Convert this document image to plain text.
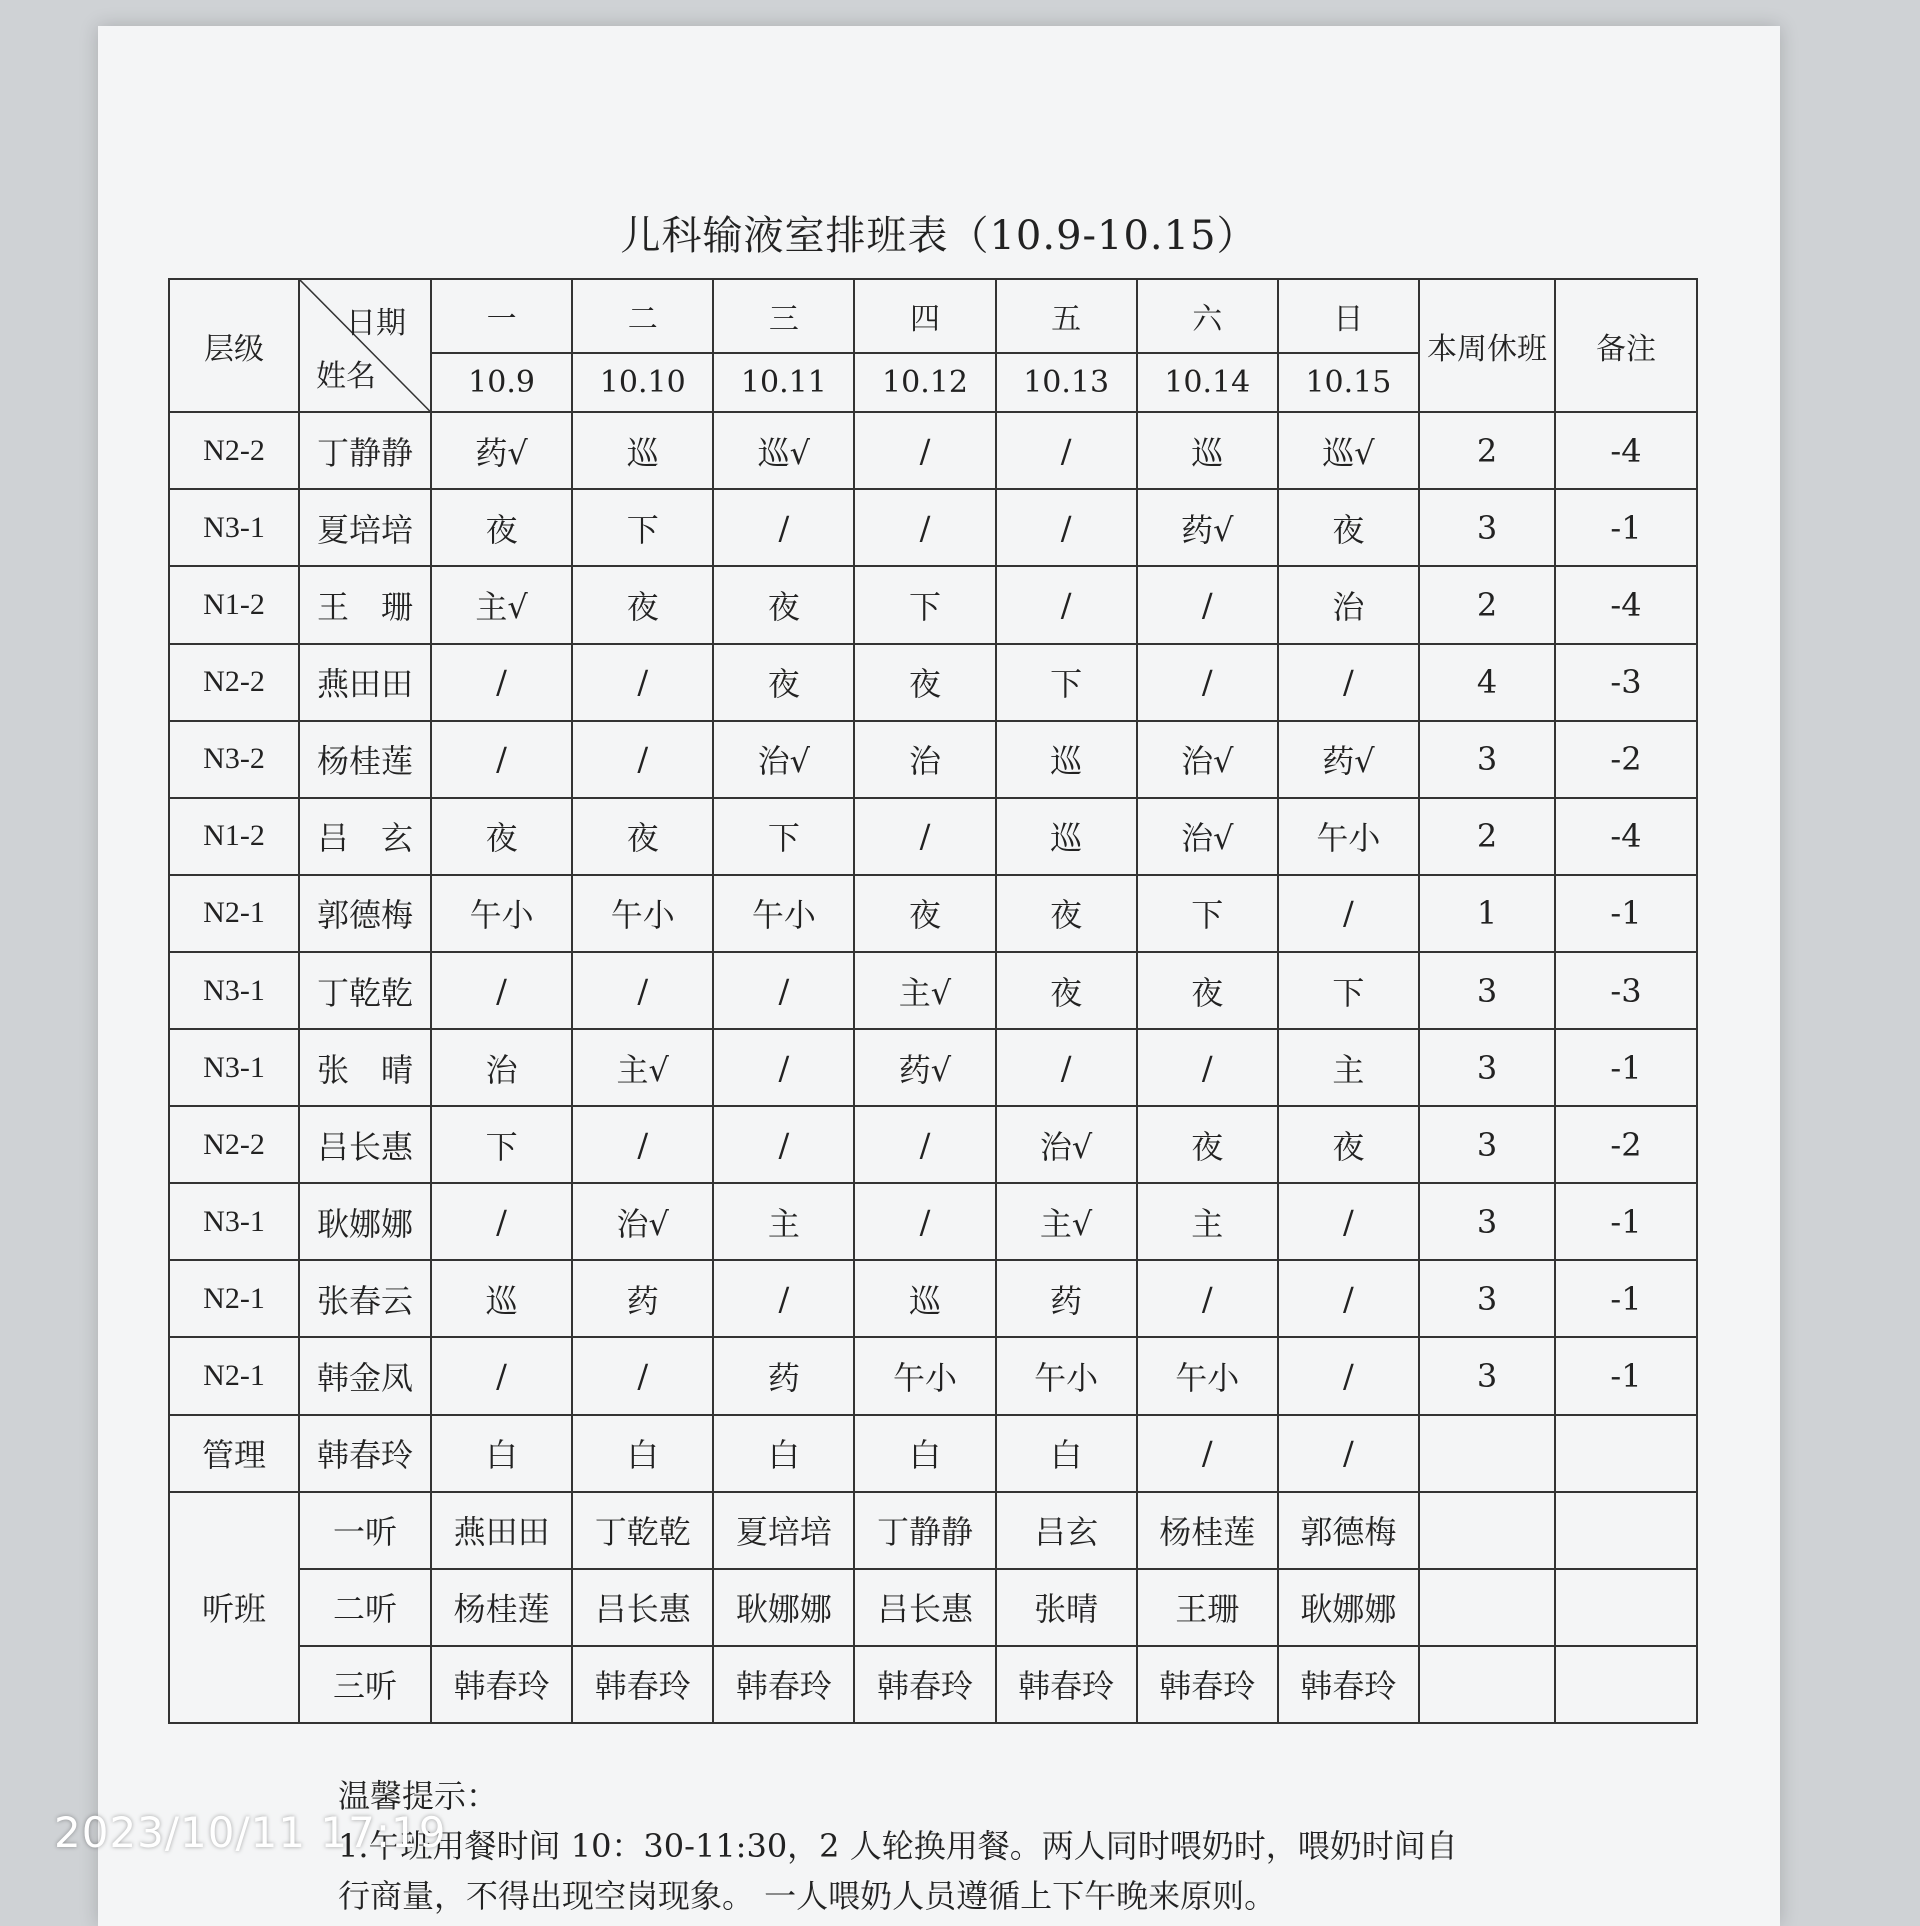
儿科输液室排班表（10.9-10.15）
层级	日期
姓名	一	二	三	四	五	六	日	本周休班	备注
		10.9	10.10	10.11	10.12	10.13	10.14	10.15		
N2-2	丁静静	药√	巡	巡√	/	/	巡	巡√	2	-4
N3-1	夏培培	夜	下	/	/	/	药√	夜	3	-1
N1-2	王　珊	主√	夜	夜	下	/	/	治	2	-4
N2-2	燕田田	/	/	夜	夜	下	/	/	4	-3
N3-2	杨桂莲	/	/	治√	治	巡	治√	药√	3	-2
N1-2	吕　玄	夜	夜	下	/	巡	治√	午小	2	-4
N2-1	郭德梅	午小	午小	午小	夜	夜	下	/	1	-1
N3-1	丁乾乾	/	/	/	主√	夜	夜	下	3	-3
N3-1	张　晴	治	主√	/	药√	/	/	主	3	-1
N2-2	吕长惠	下	/	/	/	治√	夜	夜	3	-2
N3-1	耿娜娜	/	治√	主	/	主√	主	/	3	-1
N2-1	张春云	巡	药	/	巡	药	/	/	3	-1
N2-1	韩金凤	/	/	药	午小	午小	午小	/	3	-1
管理	韩春玲	白	白	白	白	白	/	/		
听班	一听	燕田田	丁乾乾	夏培培	丁静静	吕玄	杨桂莲	郭德梅		
	二听	杨桂莲	吕长惠	耿娜娜	吕长惠	张晴	王珊	耿娜娜		
	三听	韩春玲	韩春玲	韩春玲	韩春玲	韩春玲	韩春玲	韩春玲		
温馨提示：
1.午班用餐时间 10：30-11:30，2 人轮换用餐。两人同时喂奶时，喂奶时间自
行商量，不得出现空岗现象。 一人喂奶人员遵循上下午晚来原则。
2023/10/11 17:19
